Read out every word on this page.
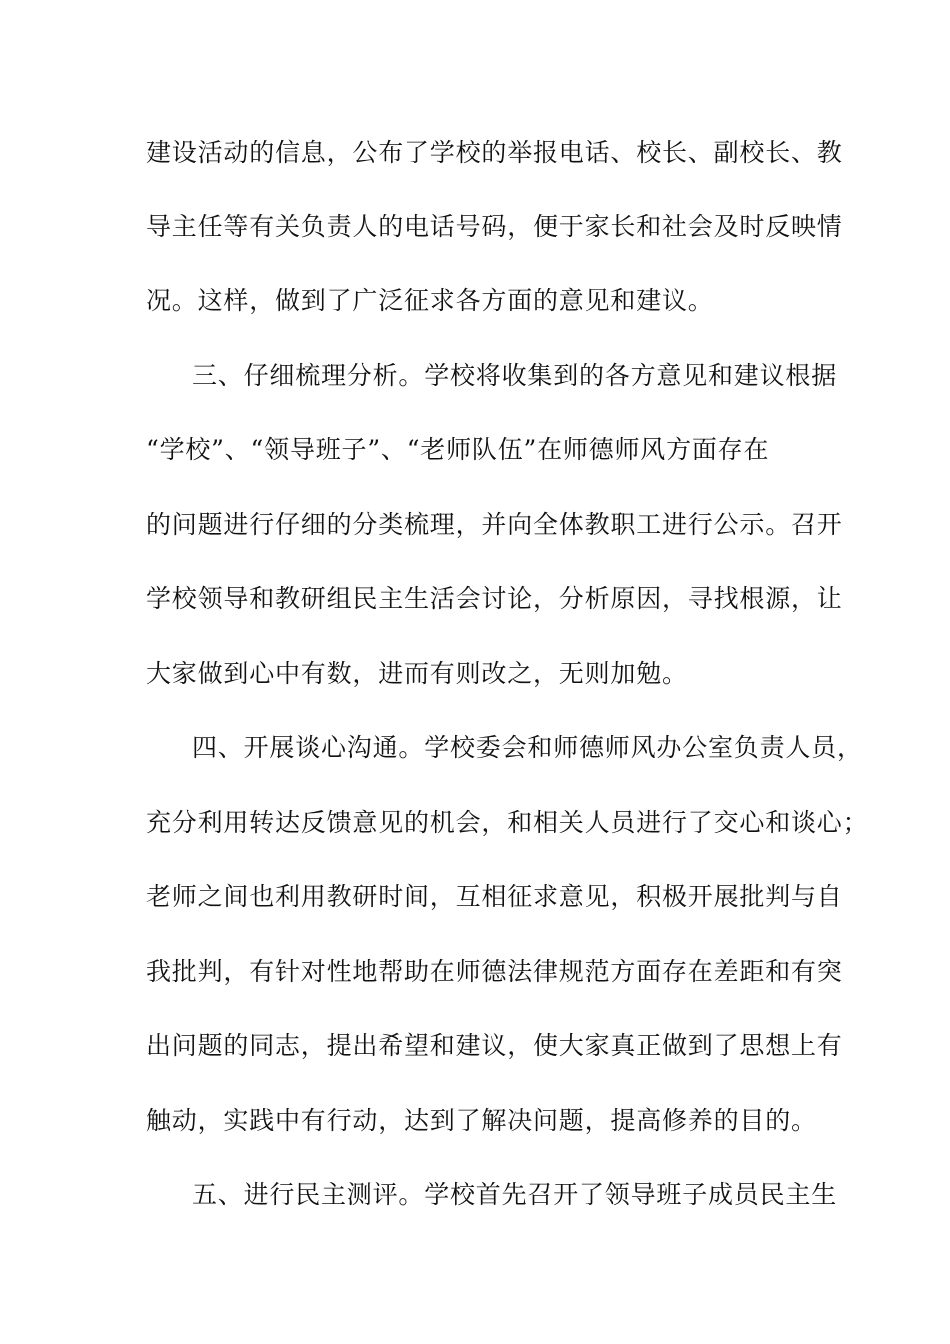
建设活动的信息，公布了学校的举报电话、校长、副校长、教
导主任等有关负责人的电话号码，便于家长和社会及时反映情
况。这样，做到了广泛征求各方面的意见和建议。
三、仔细梳理分析。学校将收集到的各方意见和建议根据
“学校”、“领导班子”、“老师队伍”在师德师风方面存在
的问题进行仔细的分类梳理，并向全体教职工进行公示。召开
学校领导和教研组民主生活会讨论，分析原因，寻找根源，让
大家做到心中有数，进而有则改之，无则加勉。
四、开展谈心沟通。学校委会和师德师风办公室负责人员，
充分利用转达反馈意见的机会，和相关人员进行了交心和谈心；
老师之间也利用教研时间，互相征求意见，积极开展批判与自
我批判，有针对性地帮助在师德法律规范方面存在差距和有突
出问题的同志，提出希望和建议，使大家真正做到了思想上有
触动，实践中有行动，达到了解决问题，提高修养的目的。
五、进行民主测评。学校首先召开了领导班子成员民主生
